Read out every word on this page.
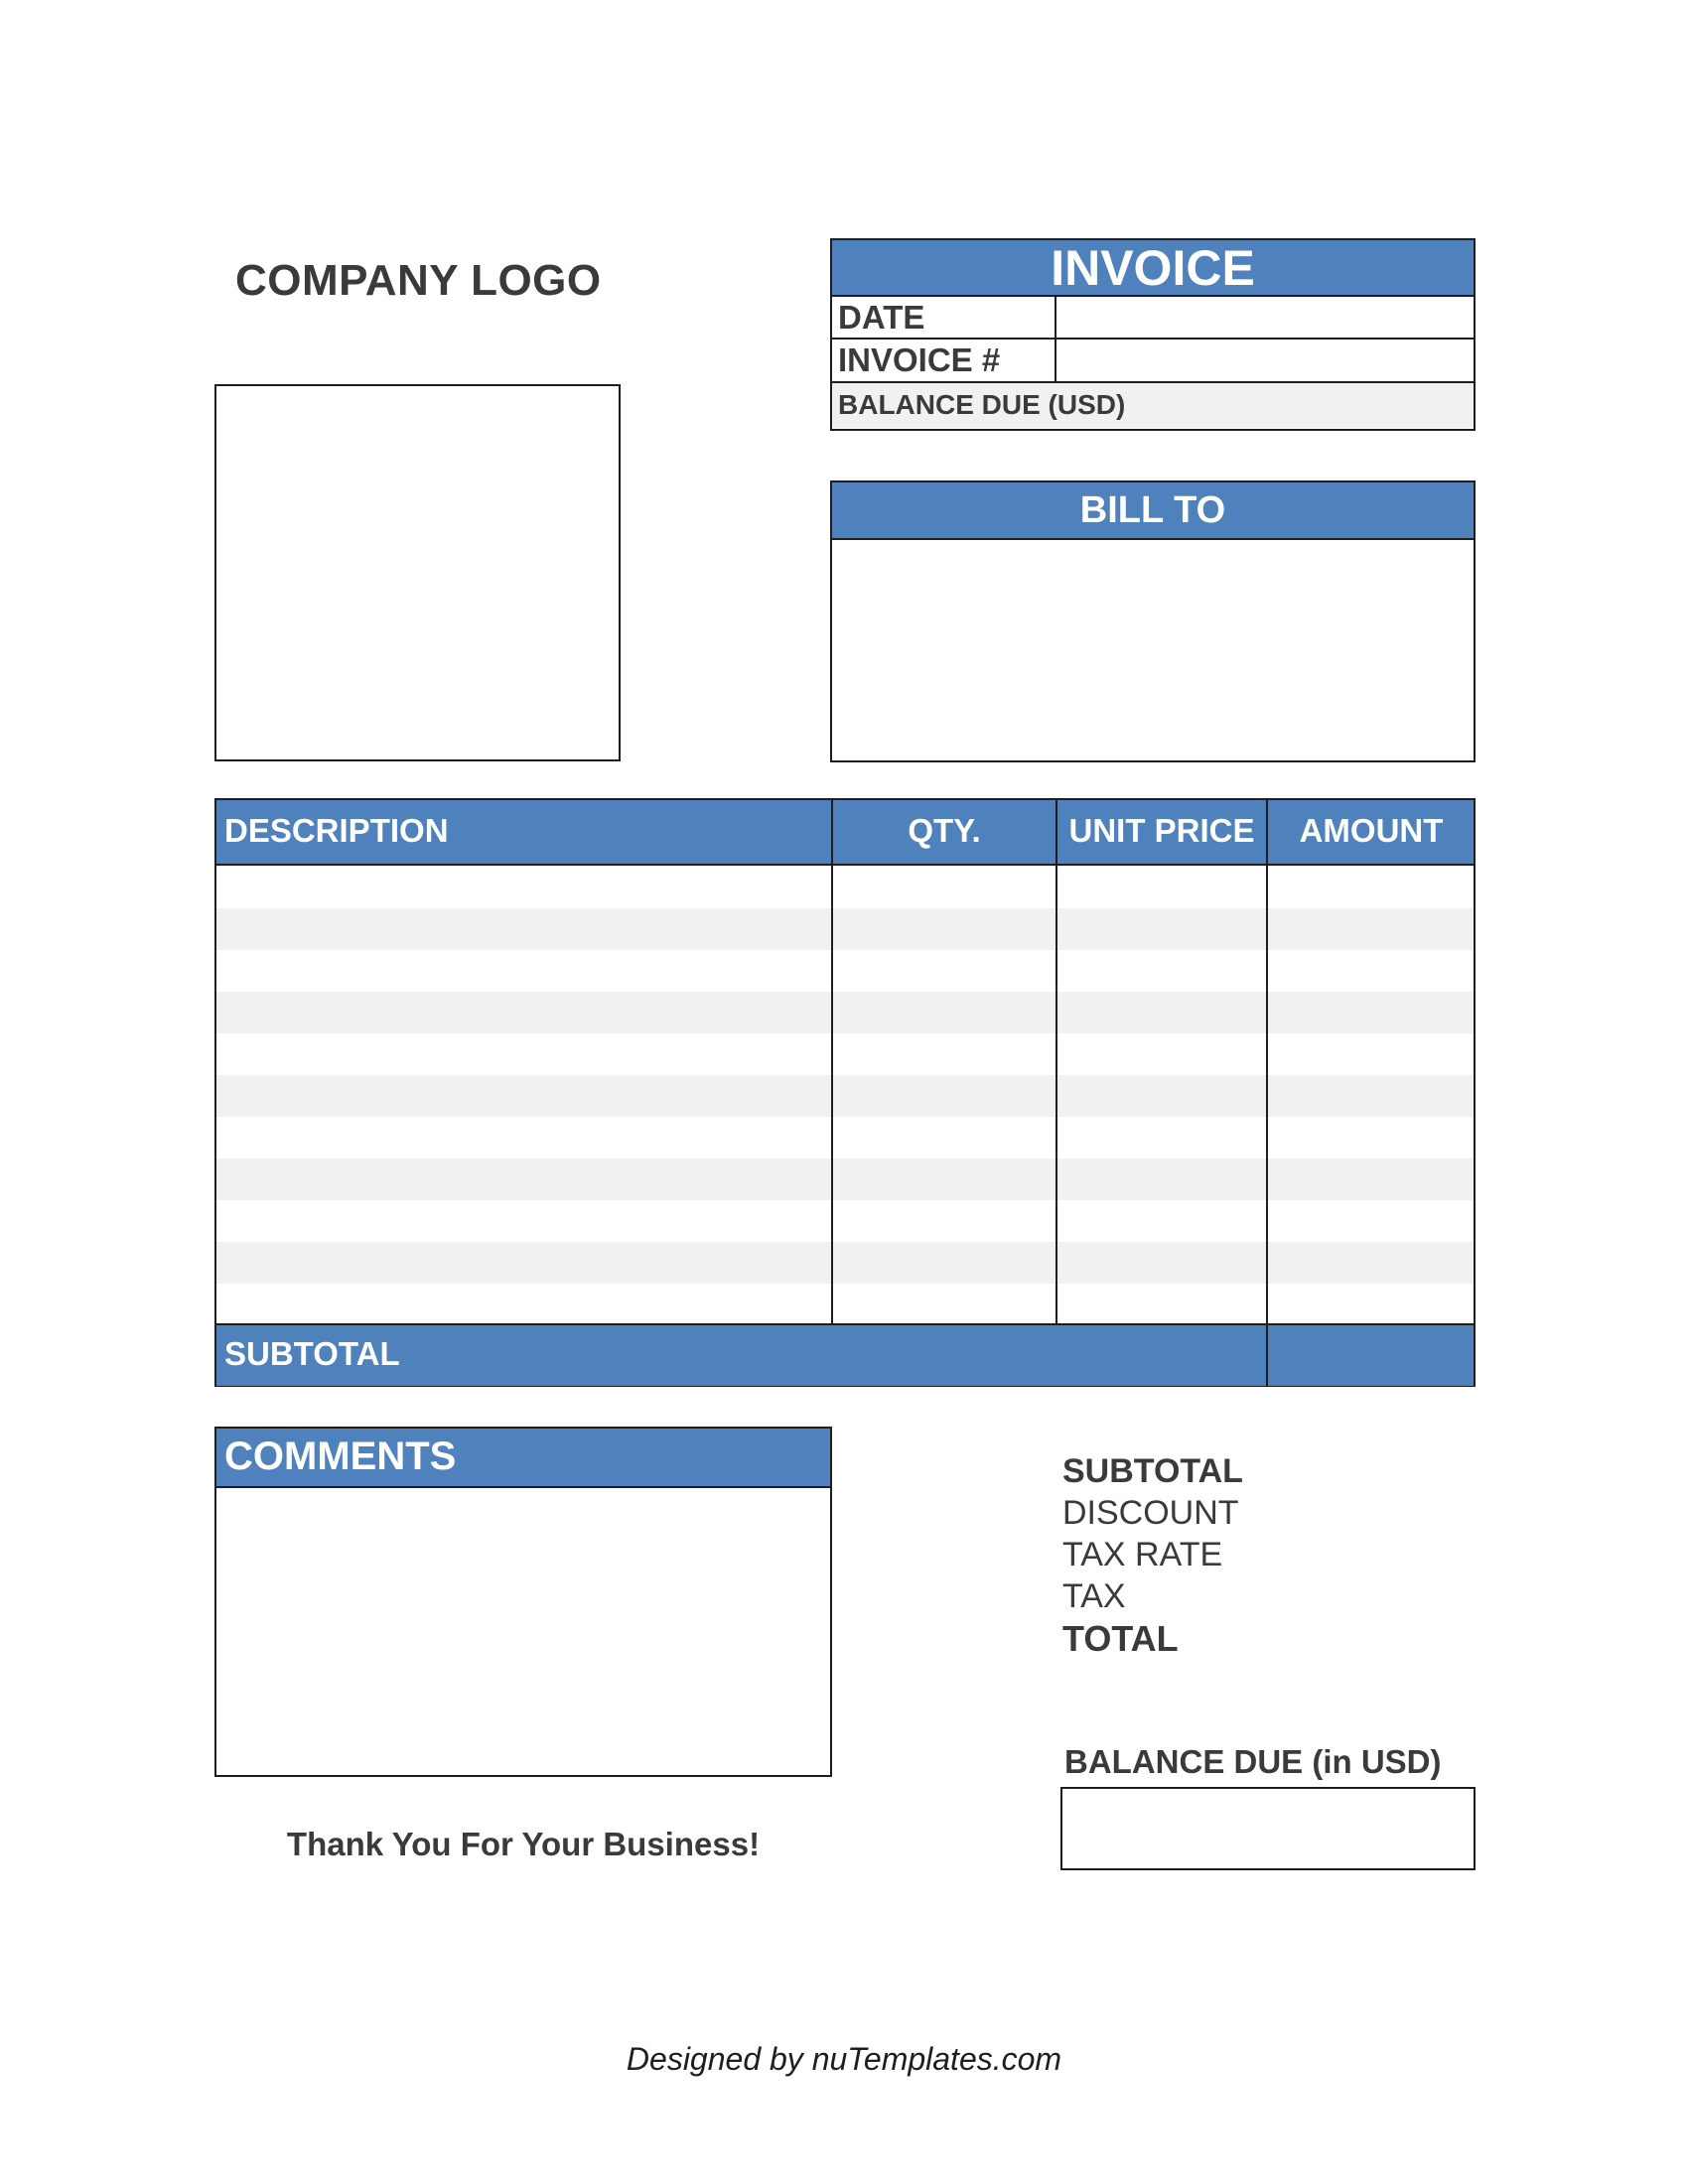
COMPANY LOGO	INVOICE
DATE
INVOICE #
BALANCE DUE (USD)
BILL TO
DESCRIPTION	QTY.	UNIT PRICE	AMOUNT
SUBTOTAL
COMMENTS	SUBTOTAL
DISCOUNT
TAX RATE
TAX
TOTAL
BALANCE DUE (in USD)
Thank You For Your Business!
Designed by nuTemplates.com
